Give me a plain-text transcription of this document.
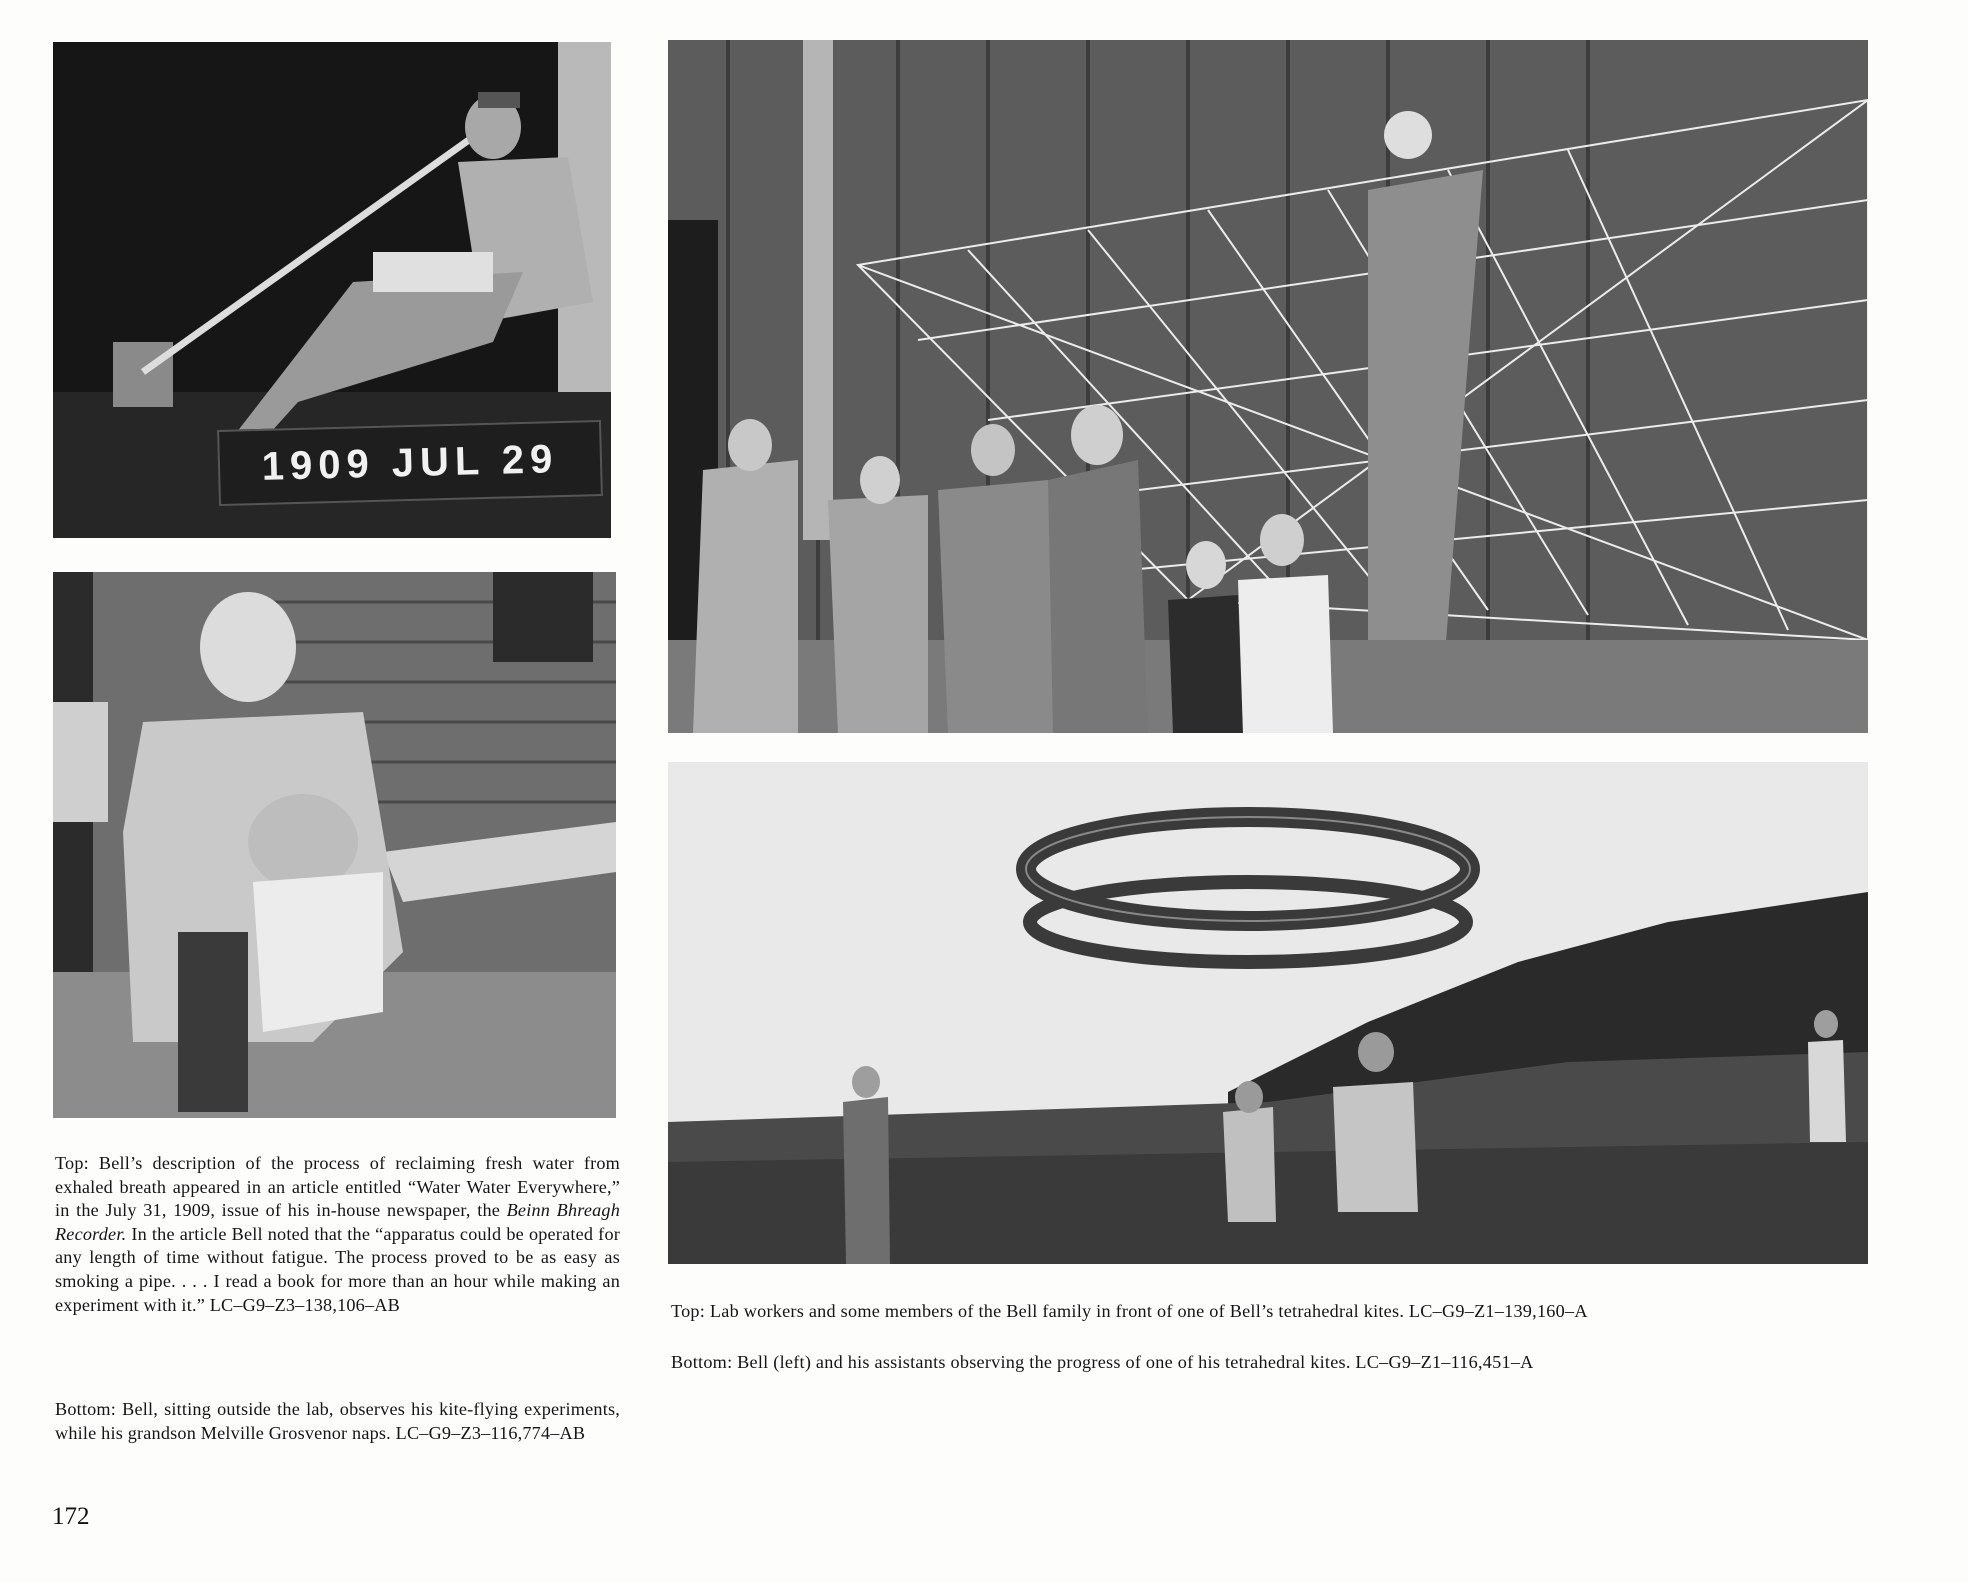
1909 JUL 29
Top: Bell’s description of the process of reclaiming fresh water from exhaled breath appeared in an article entitled “Water Water Everywhere,” in the July 31, 1909, issue of his in-house newspaper, the Beinn Bhreagh Recorder. In the article Bell noted that the “apparatus could be operated for any length of time without fatigue. The process proved to be as easy as smoking a pipe. . . . I read a book for more than an hour while making an experiment with it.” LC–G9–Z3–138,106–AB
Bottom: Bell, sitting outside the lab, observes his kite-flying experiments, while his grandson Melville Grosvenor naps. LC–G9–Z3–116,774–AB
Top: Lab workers and some members of the Bell family in front of one of Bell’s tetrahedral kites. LC–G9–Z1–139,160–A
Bottom: Bell (left) and his assistants observing the progress of one of his tetrahedral kites. LC–G9–Z1–116,451–A
172
